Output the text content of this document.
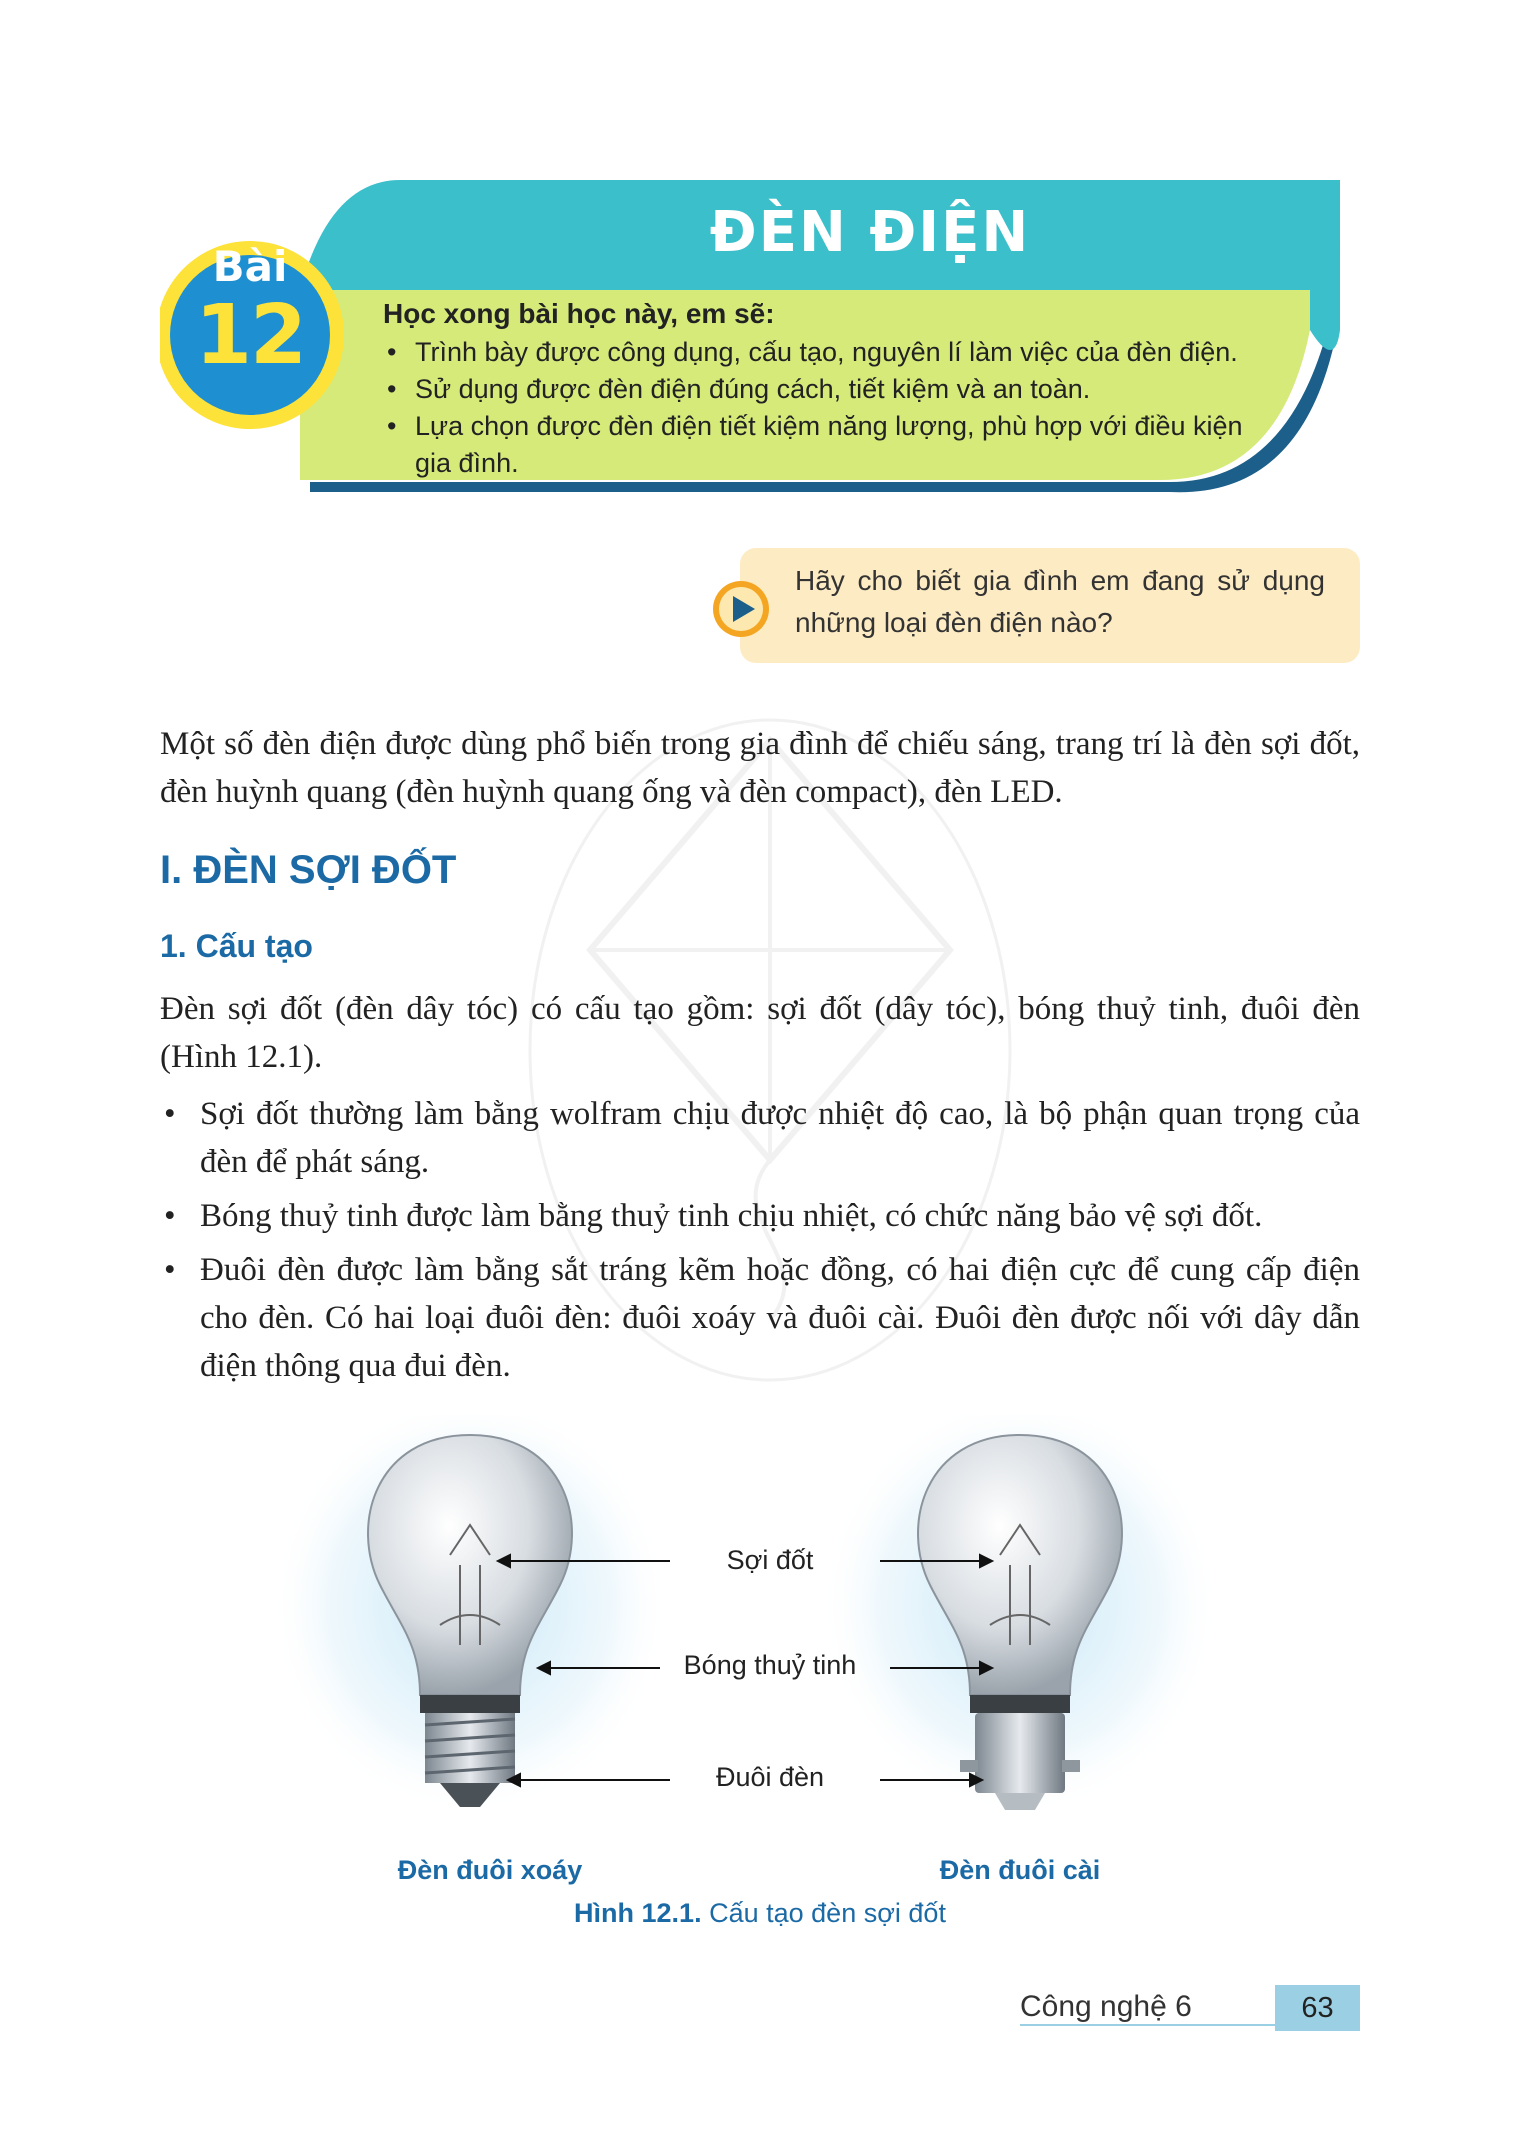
Bài
12
ĐÈN ĐIỆN
Học xong bài học này, em sẽ:
• Trình bày được công dụng, cấu tạo, nguyên lí làm việc của đèn điện.
• Sử dụng được đèn điện đúng cách, tiết kiệm và an toàn.
• Lựa chọn được đèn điện tiết kiệm năng lượng, phù hợp với điều kiện gia đình.
Hãy cho biết gia đình em đang sử dụng những loại đèn điện nào?
Một số đèn điện được dùng phổ biến trong gia đình để chiếu sáng, trang trí là đèn sợi đốt, đèn huỳnh quang (đèn huỳnh quang ống và đèn compact), đèn LED.
I. ĐÈN SỢI ĐỐT
1. Cấu tạo
Đèn sợi đốt (đèn dây tóc) có cấu tạo gồm: sợi đốt (dây tóc), bóng thuỷ tinh, đuôi đèn (Hình 12.1).
• Sợi đốt thường làm bằng wolfram chịu được nhiệt độ cao, là bộ phận quan trọng của đèn để phát sáng.
• Bóng thuỷ tinh được làm bằng thuỷ tinh chịu nhiệt, có chức năng bảo vệ sợi đốt.
• Đuôi đèn được làm bằng sắt tráng kẽm hoặc đồng, có hai điện cực để cung cấp điện cho đèn. Có hai loại đuôi đèn: đuôi xoáy và đuôi cài. Đuôi đèn được nối với dây dẫn điện thông qua đui đèn.
Sợi đốt
Bóng thuỷ tinh
Đuôi đèn
Đèn đuôi xoáy	Đèn đuôi cài
Hình 12.1. Cấu tạo đèn sợi đốt
Công nghệ 6	63
